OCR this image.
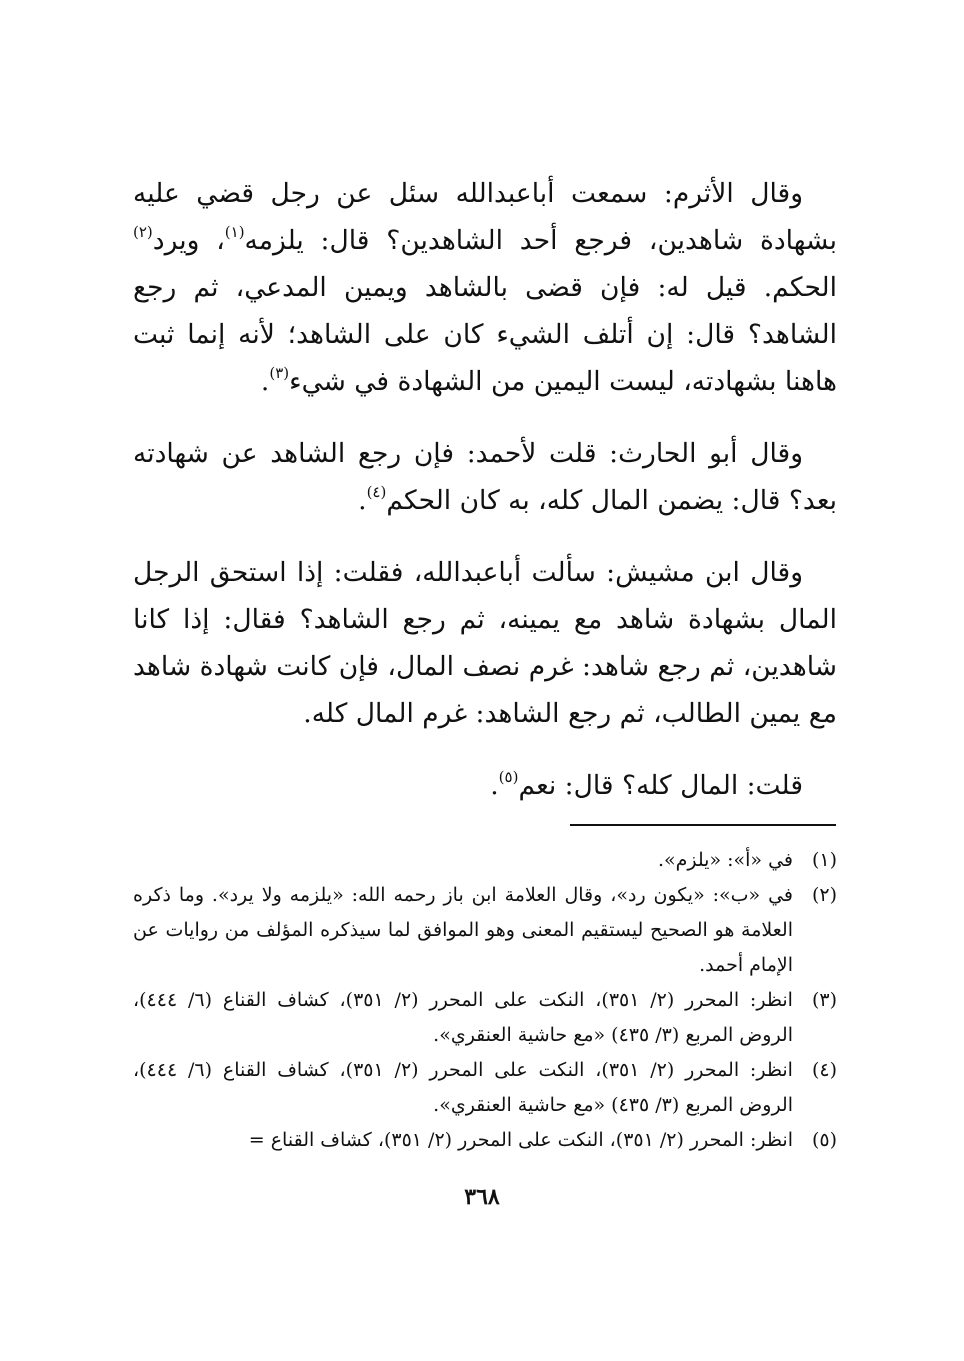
وقال الأثرم: سمعت أباعبدالله سئل عن رجل قضي عليه بشهادة شاهدين، فرجع أحد الشاهدين؟ قال: يلزمه$^{(١)}$، ويرد$^{(٢)}$ الحكم. قيل له: فإن قضى بالشاهد ويمين المدعي، ثم رجع الشاهد؟ قال: إن أتلف الشيء كان على الشاهد؛ لأنه إنما ثبت هاهنا بشهادته، ليست اليمين من الشهادة في شيء$^{(٣)}$.

وقال أبو الحارث: قلت لأحمد: فإن رجع الشاهد عن شهادته بعد؟ قال: يضمن المال كله، به كان الحكم$^{(٤)}$.

وقال ابن مشيش: سألت أباعبدالله، فقلت: إذا استحق الرجل المال بشهادة شاهد مع يمينه، ثم رجع الشاهد؟ فقال: إذا كانا شاهدين، ثم رجع شاهد: غرم نصف المال، فإن كانت شهادة شاهد مع يمين الطالب، ثم رجع الشاهد: غرم المال كله.

قلت: المال كله؟ قال: نعم$^{(٥)}$.

(١)
في «أ»: «يلزم».
(٢)
في «ب»: «يكون رد»، وقال العلامة ابن باز رحمه الله: «يلزمه ولا يرد». وما ذكره العلامة هو الصحيح ليستقيم المعنى وهو الموافق لما سيذكره المؤلف من روايات عن الإمام أحمد.
(٣)
انظر: المحرر (٢/ ٣٥١)، النكت على المحرر (٢/ ٣٥١)، كشاف القناع (٦/ ٤٤٤)، الروض المربع (٣/ ٤٣٥) «مع حاشية العنقري».
(٤)
انظر: المحرر (٢/ ٣٥١)، النكت على المحرر (٢/ ٣٥١)، كشاف القناع (٦/ ٤٤٤)، الروض المربع (٣/ ٤٣٥) «مع حاشية العنقري».
(٥)
انظر: المحرر (٢/ ٣٥١)، النكت على المحرر (٢/ ٣٥١)، كشاف القناع =
٣٦٨
